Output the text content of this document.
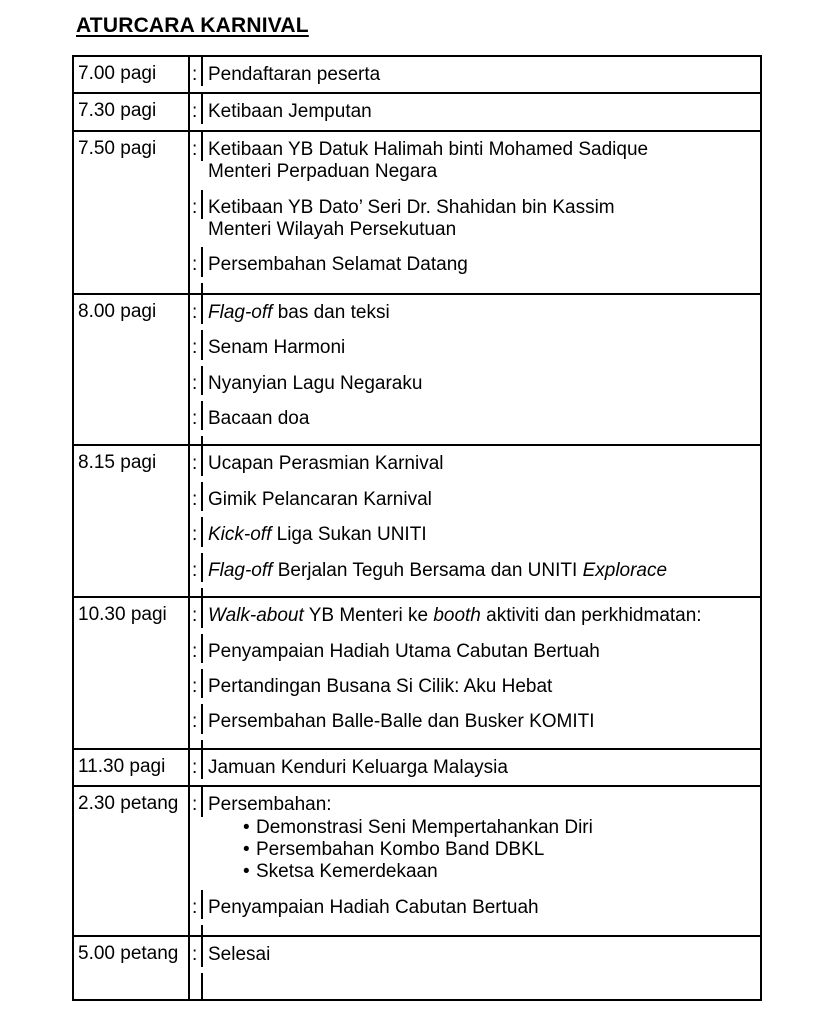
ATURCARA KARNIVAL
7.00 pagi	: Pendaftaran peserta

7.30 pagi	: Ketibaan Jemputan

7.50 pagi	: Ketibaan YB Datuk Halimah binti Mohamed Sadique
Menteri Perpaduan Negara
: Ketibaan YB Dato’ Seri Dr. Shahidan bin Kassim
Menteri Wilayah Persekutuan
: Persembahan Selamat Datang

8.00 pagi	: Flag-off bas dan teksi
: Senam Harmoni
: Nyanyian Lagu Negaraku
: Bacaan doa

8.15 pagi	: Ucapan Perasmian Karnival
: Gimik Pelancaran Karnival
: Kick-off Liga Sukan UNITI
: Flag-off Berjalan Teguh Bersama dan UNITI Explorace

10.30 pagi	: Walk-about YB Menteri ke booth aktiviti dan perkhidmatan:
: Penyampaian Hadiah Utama Cabutan Bertuah
: Pertandingan Busana Si Cilik: Aku Hebat
: Persembahan Balle-Balle dan Busker KOMITI

11.30 pagi	: Jamuan Kenduri Keluarga Malaysia

2.30 petang	: Persembahan:
• Demonstrasi Seni Mempertahankan Diri
• Persembahan Kombo Band DBKL
• Sketsa Kemerdekaan
: Penyampaian Hadiah Cabutan Bertuah

5.00 petang	: Selesai
